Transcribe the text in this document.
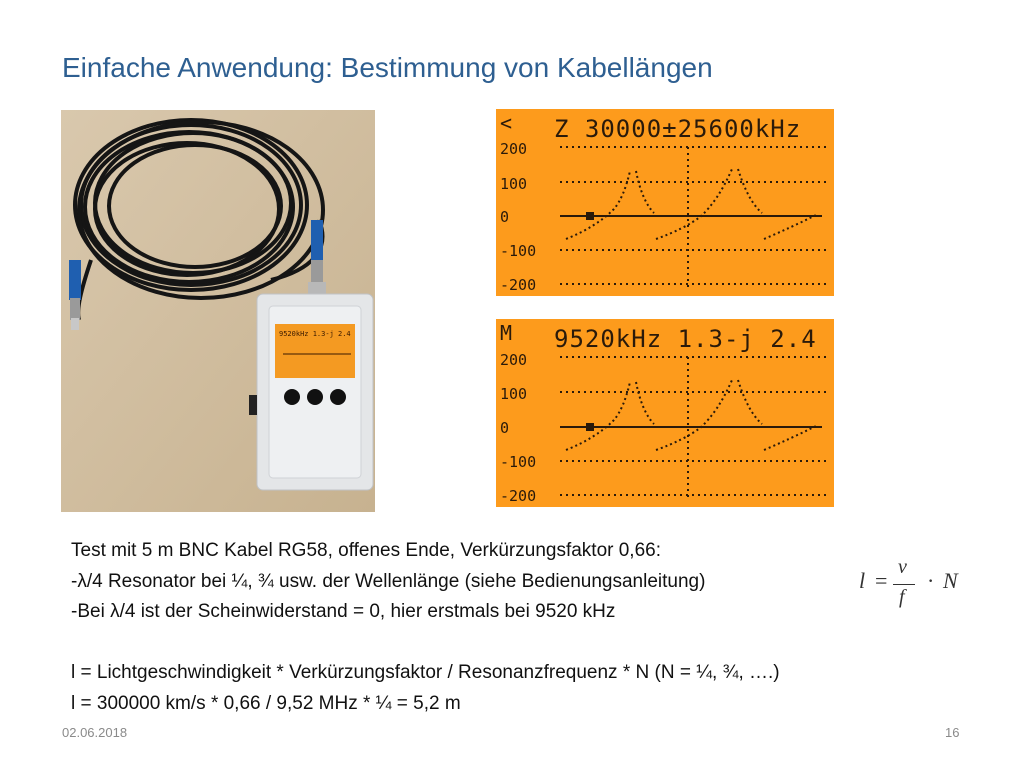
Einfache Anwendung: Bestimmung von Kabellängen
9520kHz 1.3-j 2.4
< Z 30000±25600kHz
200
100
0
-100
-200
M 9520kHz 1.3-j 2.4
200
100
0
-100
-200

Test mit 5 m BNC Kabel RG58, offenes Ende, Verkürzungsfaktor 0,66:

-λ/4 Resonator bei ¼, ¾ usw. der Wellenlänge (siehe Bedienungsanleitung)

-Bei λ/4 ist der Scheinwiderstand = 0, hier erstmals bei 9520 kHz

l = Lichtgeschwindigkeit * Verkürzungsfaktor / Resonanzfrequenz * N (N = ¼, ¾, ….)

l = 300000 km/s * 0,66 / 9,52 MHz * ¼ = 5,2 m

l =
v
f
· N
02.06.2018	16
